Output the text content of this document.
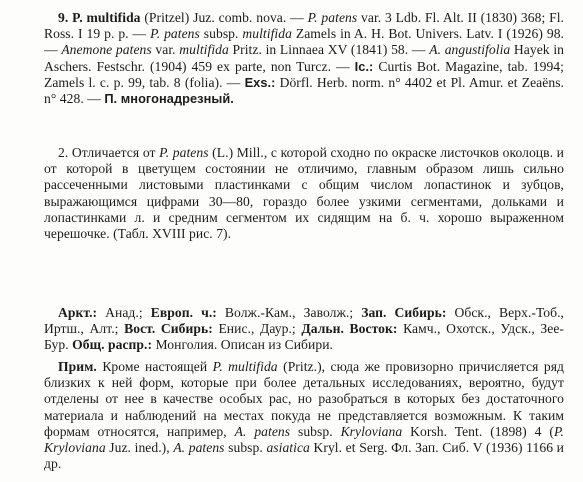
9. P. multifida (Pritzel) Juz. comb. nova. — P. patens var. 3 Ldb. Fl. Alt. II (1830) 368; Fl. Ross. I 19 p. p. — P. patens subsp. multifida Zamels in A. H. Bot. Univers. Latv. I (1926) 98. — Anemone patens var. multifida Pritz. in Linnaea XV (1841) 58. — A. angustifolia Hayek in Aschers. Festschr. (1904) 459 ex parte, non Turcz. — Ic.: Curtis Bot. Magazine, tab. 1994; Zamels l. c. p. 99, tab. 8 (folia). — Exs.: Dörfl. Herb. norm. n° 4402 et Pl. Amur. et Zeaëns. n° 428. — П. многонадрезный.

2. Отличается от P. patens (L.) Mill., с которой сходно по окраске листочков околоцв. и от которой в цветущем состоянии не отличимо, главным образом лишь сильно рассеченными листовыми пластинками с общим числом лопастинок и зубцов, выражающимся цифрами 30—80, гораздо более узкими сегментами, дольками и лопастинками л. и средним сегментом их сидящим на б. ч. хорошо выраженном черешочке. (Табл. XVIII рис. 7).

Аркт.: Анад.; Европ. ч.: Волж.-Кам., Заволж.; Зап. Сибирь: Обск., Верх.-Тоб., Иртш., Алт.; Вост. Сибирь: Енис., Даур.; Дальн. Восток: Камч., Охотск., Удск., Зее-Бур. Общ. распр.: Монголия. Описан из Сибири.

Прим. Кроме настоящей P. multifida (Pritz.), сюда же провизорно причисляется ряд близких к ней форм, которые при более детальных исследованиях, вероятно, будут отделены от нее в качестве особых рас, но разобраться в которых без достаточного материала и наблюдений на местах покуда не представляется возможным. К таким формам относятся, например, A. patens subsp. Kryloviana Korsh. Tent. (1898) 4 (P. Kryloviana Juz. ined.), A. patens subsp. asiatica Kryl. et Serg. Фл. Зап. Сиб. V (1936) 1166 и др.
